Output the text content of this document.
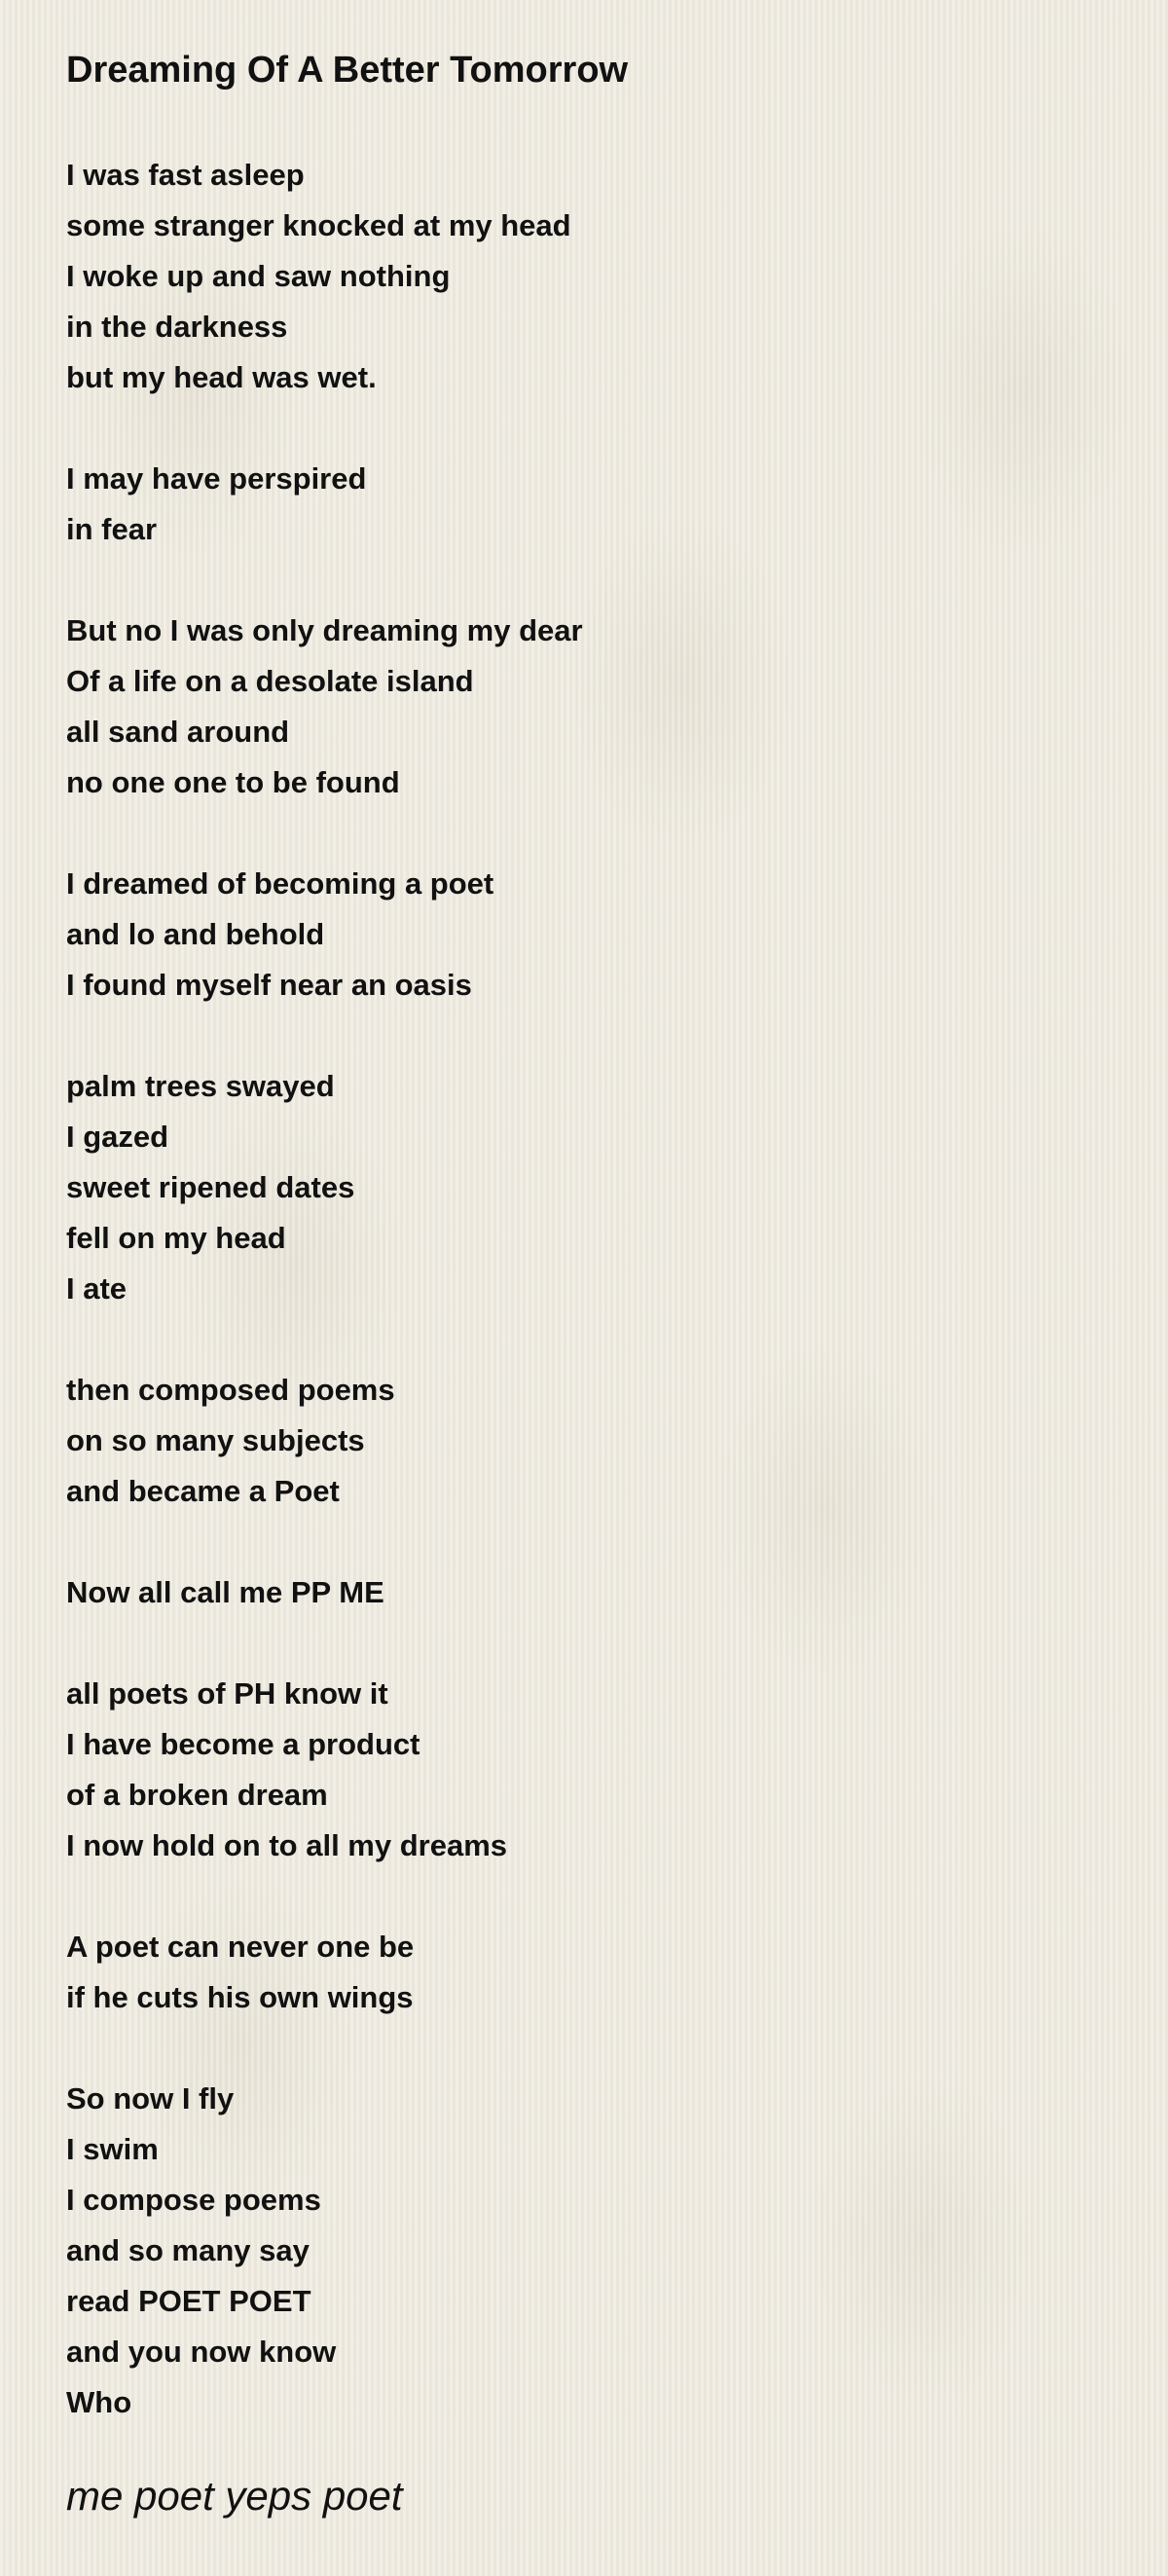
Dreaming Of A Better Tomorrow
I was fast asleep
some stranger knocked at my head
I woke up and saw nothing
in the darkness
but my head was wet.
I may have perspired
in fear
But no I was only dreaming my dear
Of a life on a desolate island
all sand around
no one one to be found
I dreamed of becoming a poet
and lo and behold
I found myself near an oasis
palm trees swayed
I gazed
sweet ripened dates
fell on my head
I ate
then composed poems
on so many subjects
and became a Poet
Now all call me PP ME
all poets of PH know it
I have become a product
of a broken dream
I now hold on to all my dreams
A poet can never one be
if he cuts his own wings
So now I fly
I swim
I compose poems
and so many say
read POET POET
and you now know
Who
me poet yeps poet
